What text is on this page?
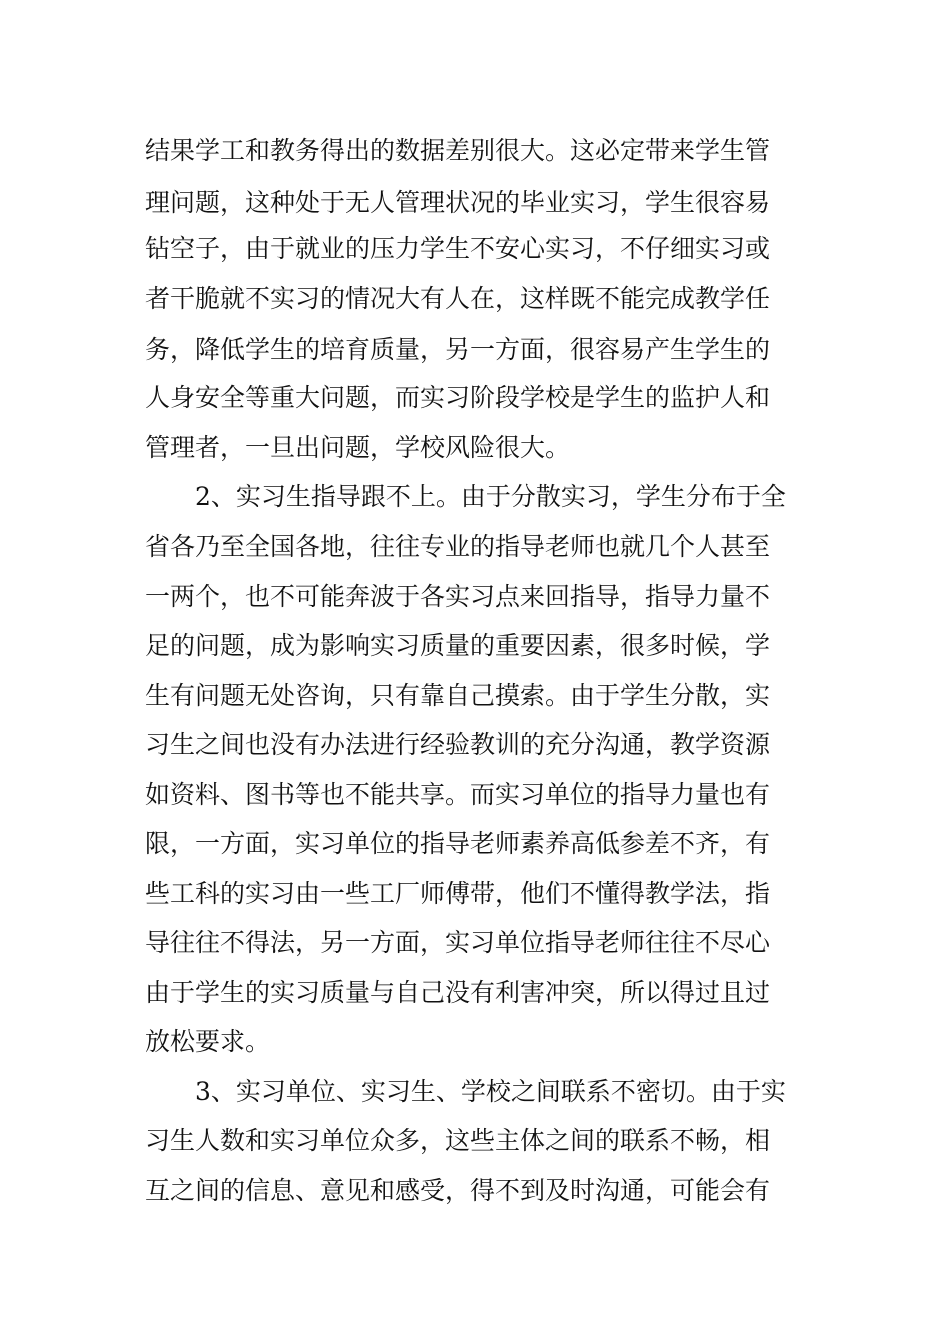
结果学工和教务得出的数据差别很大。这必定带来学生管
理问题，这种处于无人管理状况的毕业实习，学生很容易
钻空子，由于就业的压力学生不安心实习，不仔细实习或
者干脆就不实习的情况大有人在，这样既不能完成教学任
务，降低学生的培育质量，另一方面，很容易产生学生的
人身安全等重大问题，而实习阶段学校是学生的监护人和
管理者，一旦出问题，学校风险很大。
2、实习生指导跟不上。由于分散实习，学生分布于全
省各乃至全国各地，往往专业的指导老师也就几个人甚至
一两个，也不可能奔波于各实习点来回指导，指导力量不
足的问题，成为影响实习质量的重要因素，很多时候，学
生有问题无处咨询，只有靠自己摸索。由于学生分散，实
习生之间也没有办法进行经验教训的充分沟通，教学资源
如资料、图书等也不能共享。而实习单位的指导力量也有
限，一方面，实习单位的指导老师素养高低参差不齐，有
些工科的实习由一些工厂师傅带，他们不懂得教学法，指
导往往不得法，另一方面，实习单位指导老师往往不尽心
由于学生的实习质量与自己没有利害冲突，所以得过且过
放松要求。
3、实习单位、实习生、学校之间联系不密切。由于实
习生人数和实习单位众多，这些主体之间的联系不畅，相
互之间的信息、意见和感受，得不到及时沟通，可能会有
